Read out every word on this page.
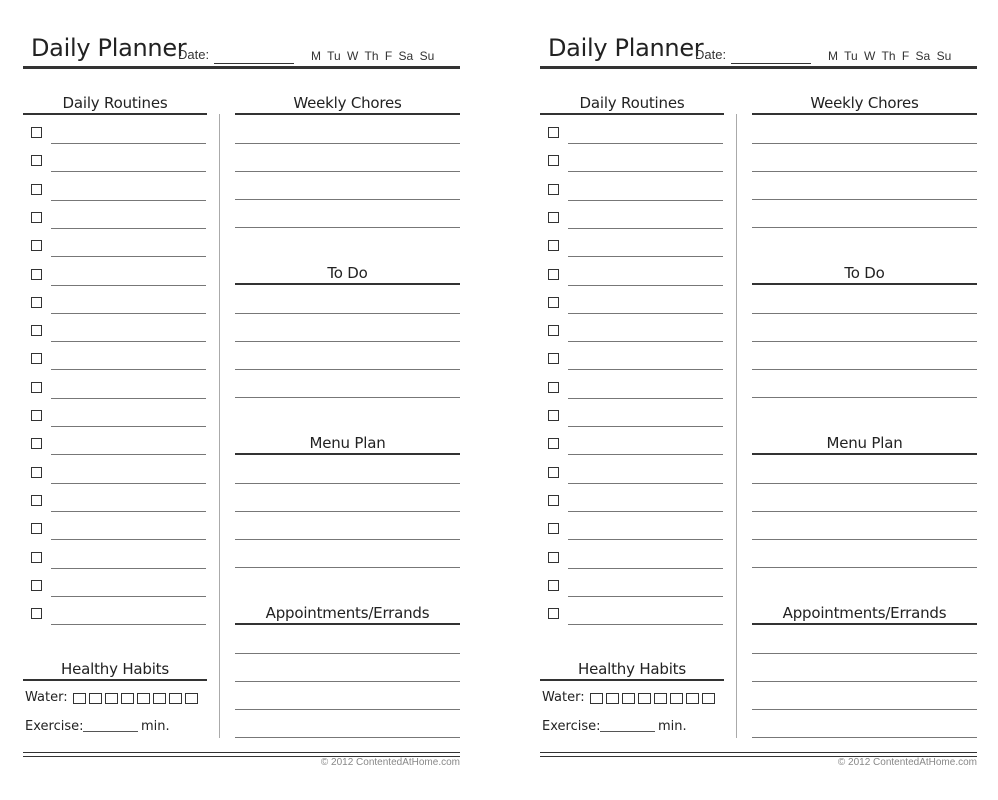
Daily Planner
Date:	M Tu W Th F Sa Su
Daily Routines	Weekly Chores
To Do
Menu Plan
Appointments/Errands
Healthy Habits
Water:
Exercise:	min.
© 2012 ContentedAtHome.com
Daily Planner
Date:	M Tu W Th F Sa Su
Daily Routines	Weekly Chores
To Do
Menu Plan
Appointments/Errands
Healthy Habits
Water:
Exercise:	min.
© 2012 ContentedAtHome.com
